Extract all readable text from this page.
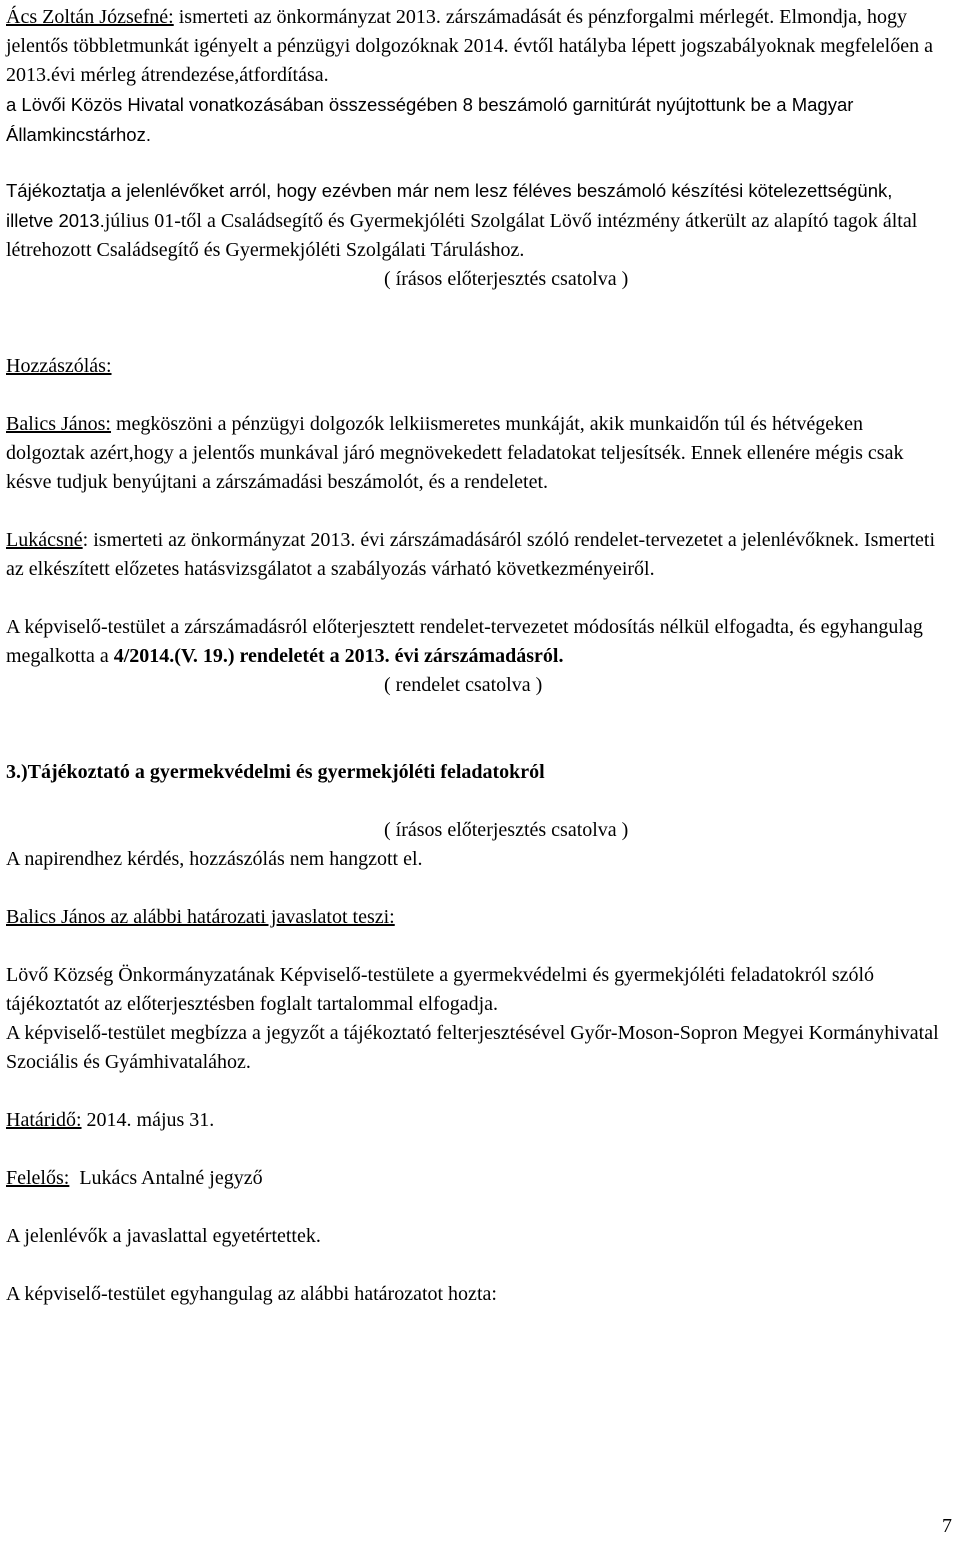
Ács Zoltán Józsefné: ismerteti az önkormányzat 2013. zárszámadását és pénzforgalmi mérlegét. Elmondja, hogy jelentős többletmunkát igényelt a pénzügyi dolgozóknak 2014. évtől hatályba lépett jogszabályoknak megfelelően a 2013.évi mérleg átrendezése,átfordítása.
a Lövői Közös Hivatal vonatkozásában összességében 8 beszámoló garnitúrát nyújtottunk be a Magyar Államkincstárhoz.

Tájékoztatja a jelenlévőket arról, hogy ezévben már nem lesz féléves beszámoló készítési kötelezettségünk, illetve 2013.július 01-től a Családsegítő és Gyermekjóléti Szolgálat Lövő intézmény átkerült az alapító tagok által létrehozott Családsegítő és Gyermekjóléti Szolgálati Táruláshoz.

( írásos előterjesztés csatolva )

Hozzászólás:

Balics János: megköszöni a pénzügyi dolgozók lelkiismeretes munkáját, akik munkaidőn túl és hétvégeken dolgoztak azért,hogy a jelentős munkával járó megnövekedett feladatokat teljesítsék. Ennek ellenére mégis csak késve tudjuk benyújtani a zárszámadási beszámolót, és a rendeletet.

Lukácsné: ismerteti az önkormányzat 2013. évi zárszámadásáról szóló rendelet-tervezetet a jelenlévőknek. Ismerteti az elkészített előzetes hatásvizsgálatot a szabályozás várható következményeiről.

A képviselő-testület a zárszámadásról előterjesztett rendelet-tervezetet módosítás nélkül elfogadta, és egyhangulag megalkotta a 4/2014.(V. 19.) rendeletét a 2013. évi zárszámadásról.

( rendelet csatolva )

3.)Tájékoztató a gyermekvédelmi és gyermekjóléti feladatokról

( írásos előterjesztés csatolva )

A napirendhez kérdés, hozzászólás nem hangzott el.

Balics János az alábbi határozati javaslatot teszi:

Lövő Község Önkormányzatának Képviselő-testülete a gyermekvédelmi és gyermekjóléti feladatokról szóló tájékoztatót az előterjesztésben foglalt tartalommal elfogadja.

A képviselő-testület megbízza a jegyzőt a tájékoztató felterjesztésével Győr-Moson-Sopron Megyei Kormányhivatal Szociális és Gyámhivatalához.

Határidő: 2014. május 31.

Felelős:  Lukács Antalné jegyző

A jelenlévők a javaslattal egyetértettek.

A képviselő-testület egyhangulag az alábbi határozatot hozta:

7
